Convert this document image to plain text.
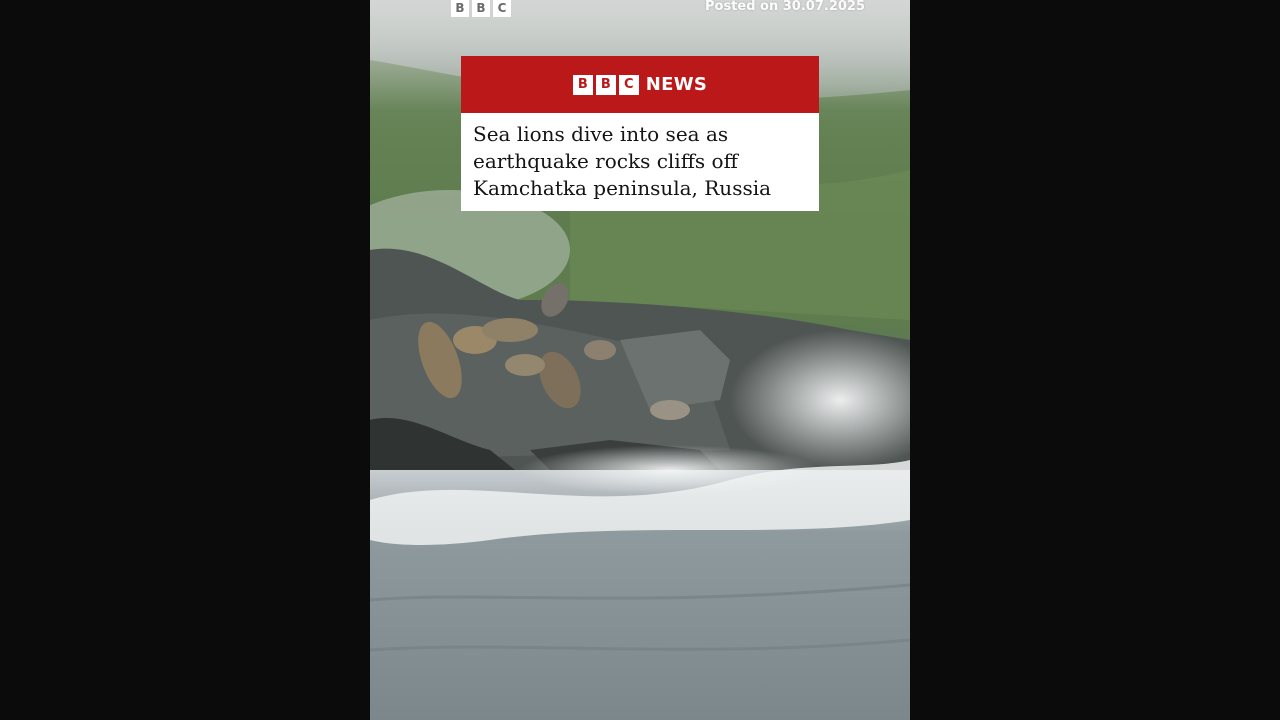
B B	C	Posted on 30.07.2025
B	B	C NEWS

Sea lions dive into sea as
earthquake rocks cliffs off
Kamchatka peninsula, Russia
